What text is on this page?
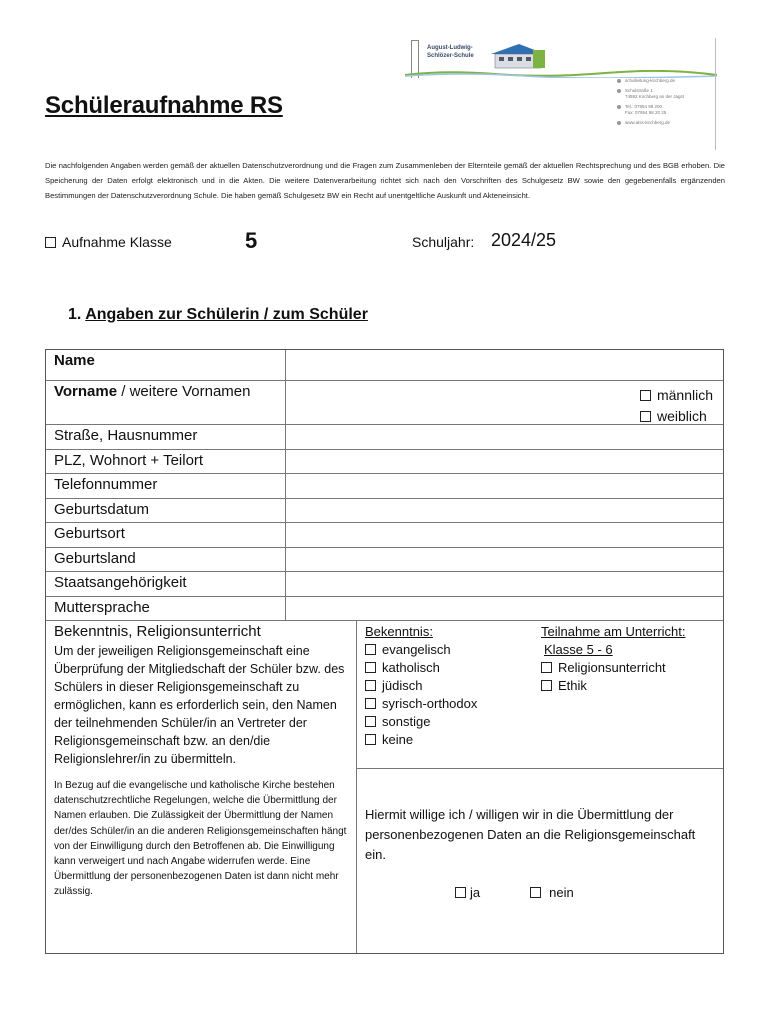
August-Ludwig-
Schlözer-Schule
schulleitung-kirchberg.de
Schulstraße 1
74592 Kirchberg an der Jagst
Tel.: 07954 98 200
Fax: 07954 98 20 25
www.alss-kirchberg.de
Schüleraufnahme RS

Die nachfolgenden Angaben werden gemäß der aktuellen Datenschutzverordnung und die Fragen zum Zusammenleben der Elternteile gemäß der aktuellen Rechtsprechung und des BGB erhoben. Die Speicherung der Daten erfolgt elektronisch und in die Akten. Die weitere Datenverarbeitung richtet sich nach den Vorschriften des Schulgesetz BW sowie den gegebenenfalls ergänzenden Bestimmungen der Datenschutzverordnung Schule. Die haben gemäß Schulgesetz BW ein Recht auf unentgeltliche Auskunft und Akteneinsicht.

Aufnahme Klasse	5	Schuljahr: 2024/25
1. Angaben zur Schülerin / zum Schüler
Name
Vorname / weitere Vornamen	männlich
weiblich
Straße, Hausnummer
PLZ, Wohnort + Teilort
Telefonnummer
Geburtsdatum
Geburtsort
Geburtsland
Staatsangehörigkeit
Muttersprache
Bekenntnis, Religionsunterricht
Um der jeweiligen Religionsgemeinschaft eine Überprüfung der Mitgliedschaft der Schüler bzw. des Schülers in dieser Religionsgemeinschaft zu ermöglichen, kann es erforderlich sein, den Namen der teilnehmenden Schüler/in an Vertreter der Religionsgemeinschaft bzw. an den/die Religionslehrer/in zu übermitteln.
In Bezug auf die evangelische und katholische Kirche bestehen datenschutzrechtliche Regelungen, welche die Übermittlung der Namen erlauben. Die Zulässigkeit der Übermittlung der Namen der/des Schüler/in an die anderen Religionsgemeinschaften hängt von der Einwilligung durch den Betroffenen ab. Die Einwilligung kann verweigert und nach Angabe widerrufen werde. Eine Übermittlung der personenbezogenen Daten ist dann nicht mehr zulässig.
Bekenntnis:
evangelisch
katholisch
jüdisch
syrisch-orthodox
sonstige
keine
Teilnahme am Unterricht:
Klasse 5 - 6
Religionsunterricht
Ethik
Hiermit willige ich / willigen wir in die Übermittlung der personenbezogenen Daten an die Religionsgemeinschaft ein.
ja	nein
